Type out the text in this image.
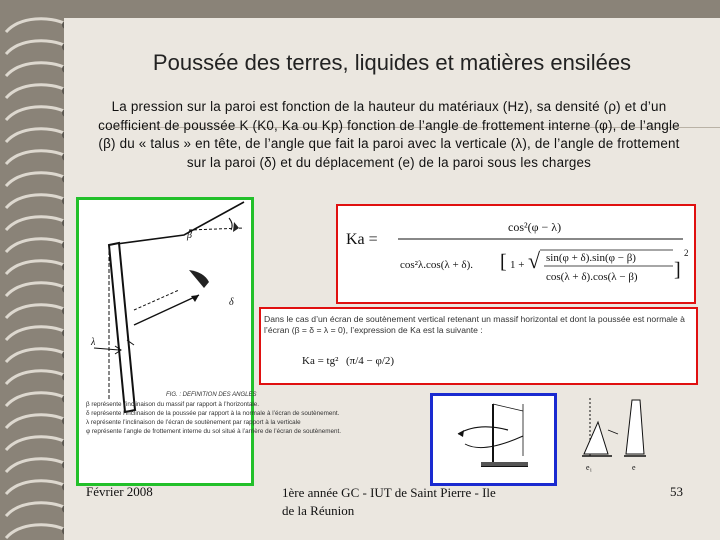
Poussée des terres, liquides et matières ensilées
La pression sur la paroi est fonction de la hauteur du matériaux (Hz), sa densité (ρ) et d’un coefficient de poussée K (K0, Ka ou Kp) fonction de l’angle de frottement interne (φ), de l’angle (β) du « talus » en tête, de l’angle que fait la paroi avec la verticale (λ), de l’angle de frottement sur la paroi (δ) et du déplacement (e) de la paroi sous les charges
β
δ
λ
FIG. : DEFINITION DES ANGLES
β représente l’inclinaison du massif par rapport à l’horizontale.
δ représente l’inclinaison de la poussée par rapport à la normale à l’écran de soutènement.
λ représente l’inclinaison de l’écran de soutènement par rapport à la verticale
φ représente l’angle de frottement interne du sol situé à l’arrière de l’écran de soutènement.
Ka =
cos²(φ − λ)
cos²λ.cos(λ + δ). [ 1 + √ sin(φ + δ).sin(φ − β)
cos(λ + δ).cos(λ − β) ]
2
Dans le cas d’un écran de soutènement vertical retenant un massif horizontal et dont la poussée est normale à l’écran (β = δ = λ = 0), l’expression de Ka est la suivante :
Ka = tg² (π/4 − φ/2)
e₁	e
Février 2008	1ère année GC - IUT de Saint Pierre - Ile de la Réunion
53
